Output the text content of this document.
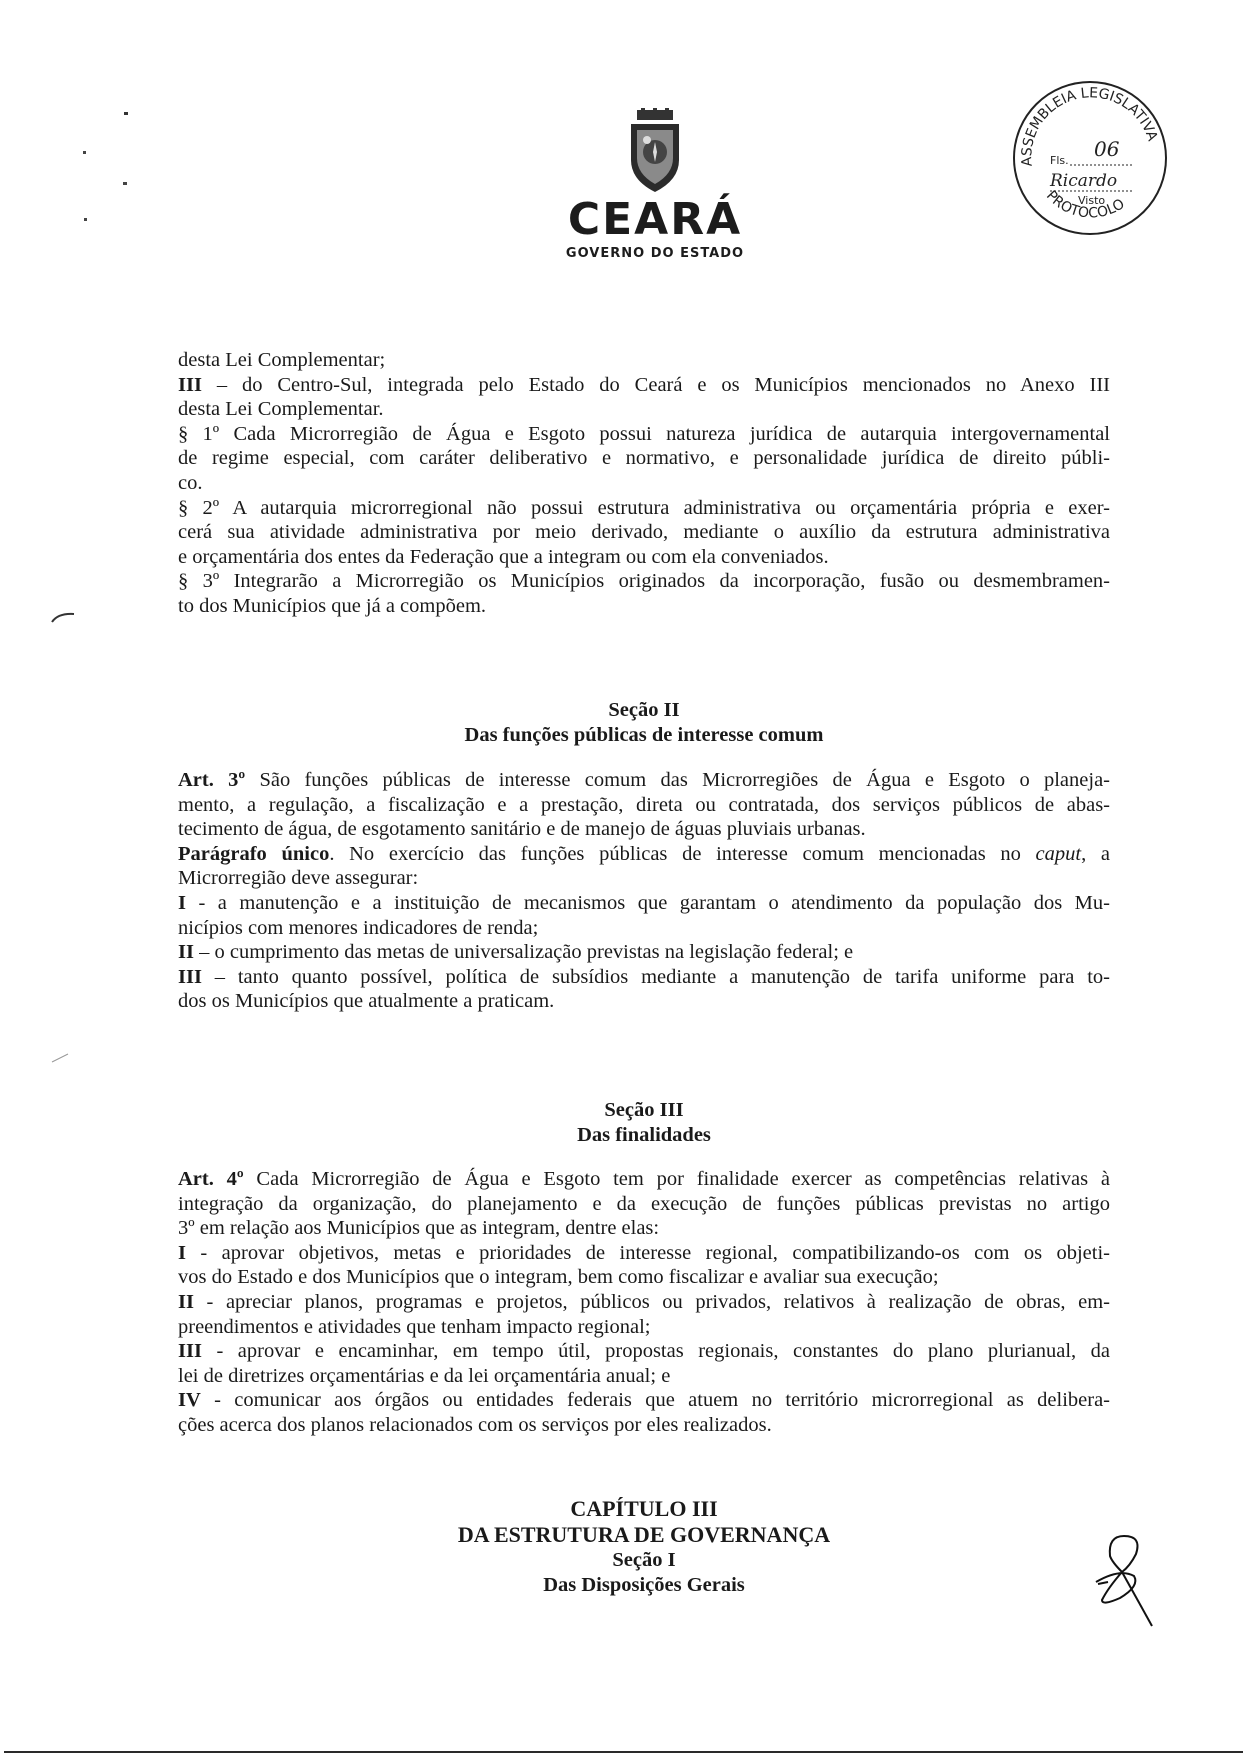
CEARÁ
GOVERNO DO ESTADO
ASSEMBLEIA LEGISLATIVA
PROTOCOLO
Fls. 06
Ricardo
Visto
desta Lei Complementar;
III – do Centro-Sul, integrada pelo Estado do Ceará e os Municípios mencionados no Anexo III
desta Lei Complementar.
§ 1º Cada Microrregião de Água e Esgoto possui natureza jurídica de autarquia intergovernamental
de regime especial, com caráter deliberativo e normativo, e personalidade jurídica de direito públi-
co.
§ 2º A autarquia microrregional não possui estrutura administrativa ou orçamentária própria e exer-
cerá sua atividade administrativa por meio derivado, mediante o auxílio da estrutura administrativa
e orçamentária dos entes da Federação que a integram ou com ela conveniados.
§ 3º Integrarão a Microrregião os Municípios originados da incorporação, fusão ou desmembramen-
to dos Municípios que já a compõem.
Seção II
Das funções públicas de interesse comum
Art. 3º São funções públicas de interesse comum das Microrregiões de Água e Esgoto o planeja-
mento, a regulação, a fiscalização e a prestação, direta ou contratada, dos serviços públicos de abas-
tecimento de água, de esgotamento sanitário e de manejo de águas pluviais urbanas.
Parágrafo único. No exercício das funções públicas de interesse comum mencionadas no caput, a
Microrregião deve assegurar:
I - a manutenção e a instituição de mecanismos que garantam o atendimento da população dos Mu-
nicípios com menores indicadores de renda;
II – o cumprimento das metas de universalização previstas na legislação federal; e
III – tanto quanto possível, política de subsídios mediante a manutenção de tarifa uniforme para to-
dos os Municípios que atualmente a praticam.
Seção III
Das finalidades
Art. 4º Cada Microrregião de Água e Esgoto tem por finalidade exercer as competências relativas à
integração da organização, do planejamento e da execução de funções públicas previstas no artigo
3º em relação aos Municípios que as integram, dentre elas:
I - aprovar objetivos, metas e prioridades de interesse regional, compatibilizando-os com os objeti-
vos do Estado e dos Municípios que o integram, bem como fiscalizar e avaliar sua execução;
II - apreciar planos, programas e projetos, públicos ou privados, relativos à realização de obras, em-
preendimentos e atividades que tenham impacto regional;
III - aprovar e encaminhar, em tempo útil, propostas regionais, constantes do plano plurianual, da
lei de diretrizes orçamentárias e da lei orçamentária anual; e
IV - comunicar aos órgãos ou entidades federais que atuem no território microrregional as delibera-
ções acerca dos planos relacionados com os serviços por eles realizados.
CAPÍTULO III
DA ESTRUTURA DE GOVERNANÇA
Seção I
Das Disposições Gerais
